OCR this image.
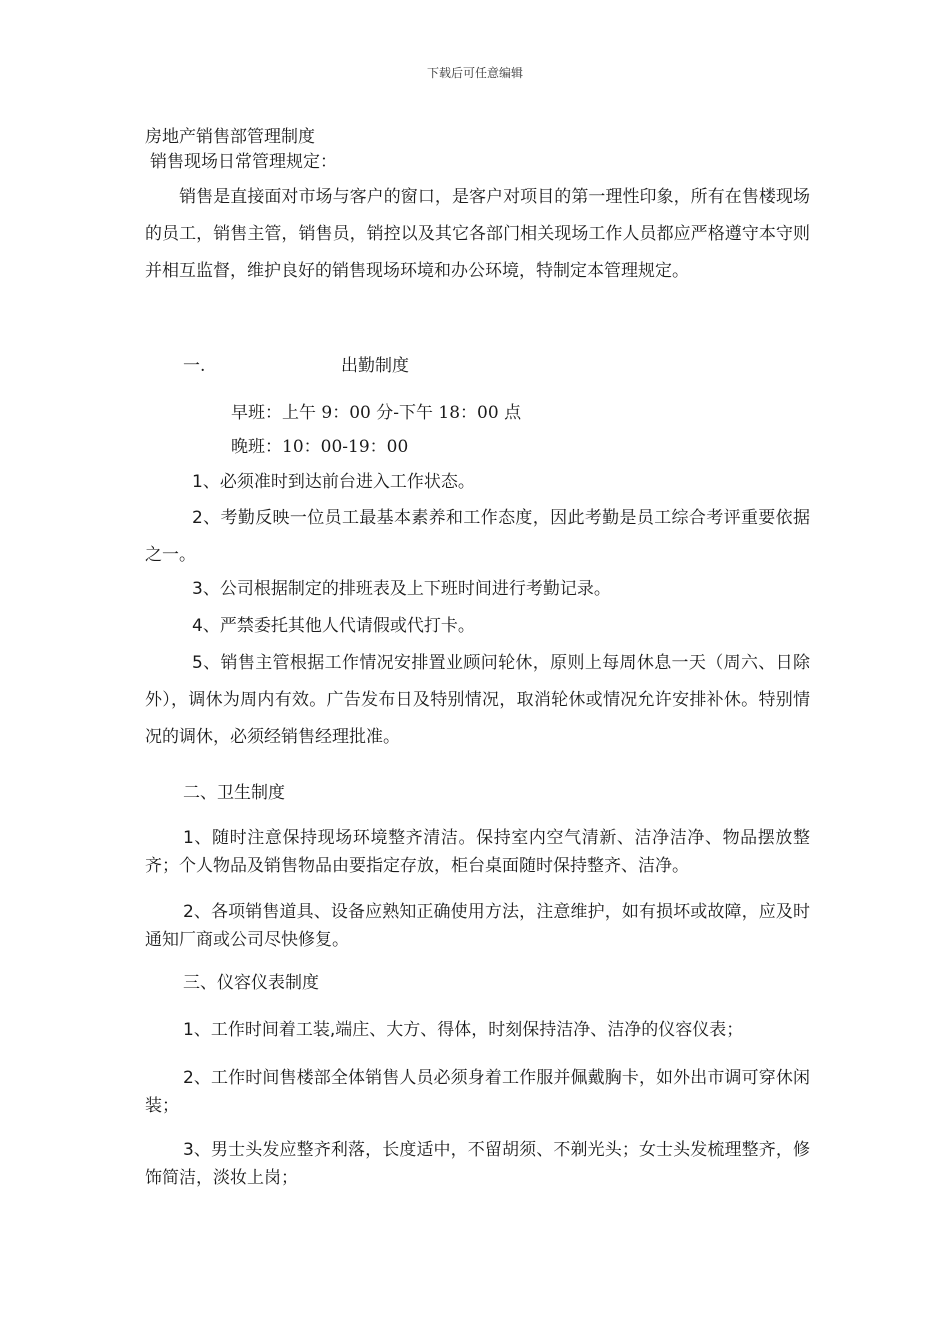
下载后可任意编辑
房地产销售部管理制度
销售现场日常管理规定：
　　销售是直接面对市场与客户的窗口，是客户对项目的第一理性印象，所有在售楼现场的员工，销售主管，销售员，销控以及其它各部门相关现场工作人员都应严格遵守本守则并相互监督，维护良好的销售现场环境和办公环境，特制定本管理规定。
一.	出勤制度
早班：上午 9：00 分-下午 18：00 点
晚班：10：00-19：00
1、必须准时到达前台进入工作状态。
2、考勤反映一位员工最基本素养和工作态度，因此考勤是员工综合考评重要依据之一。
3、公司根据制定的排班表及上下班时间进行考勤记录。
4、严禁委托其他人代请假或代打卡。
5、销售主管根据工作情况安排置业顾问轮休，原则上每周休息一天（周六、日除外），调休为周内有效。广告发布日及特别情况，取消轮休或情况允许安排补休。特别情况的调休，必须经销售经理批准。
二、卫生制度
1、随时注意保持现场环境整齐清洁。保持室内空气清新、洁净洁净、物品摆放整齐；个人物品及销售物品由要指定存放，柜台桌面随时保持整齐、洁净。
2、各项销售道具、设备应熟知正确使用方法，注意维护，如有损坏或故障，应及时通知厂商或公司尽快修复。
三、仪容仪表制度
1、工作时间着工装,端庄、大方、得体，时刻保持洁净、洁净的仪容仪表；
2、工作时间售楼部全体销售人员必须身着工作服并佩戴胸卡，如外出市调可穿休闲装；
3、男士头发应整齐利落，长度适中，不留胡须、不剃光头；女士头发梳理整齐，修饰简洁，淡妆上岗；
